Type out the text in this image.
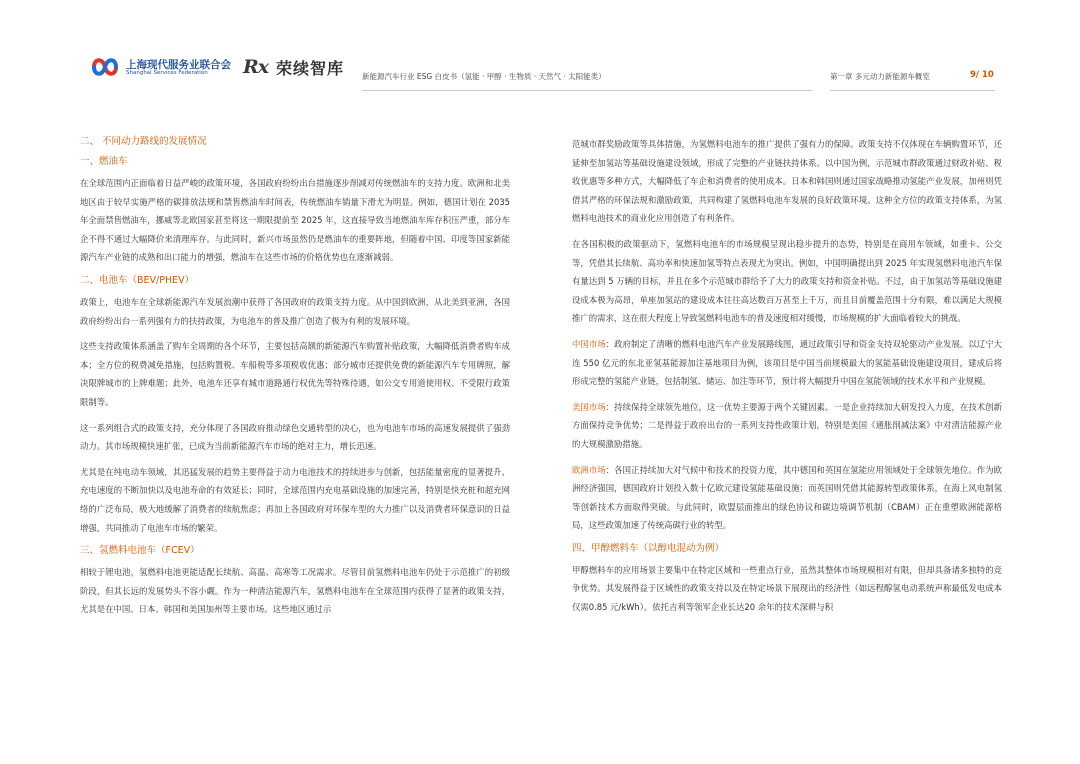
上海现代服务业联合会
Shanghai Services Federation Rx 荣续智库 新能源汽车行业 ESG 白皮书（氢能 · 甲醇 · 生物质 · 天然气 · 太阳能类）	第一章 多元动力新能源车概览	9/ 10
二、 不同动力路线的发展情况
一、燃油车

在全球范围内正面临着日益严峻的政策环境，各国政府纷纷出台措施逐步削减对传统燃油车的支持力度。欧洲和北美地区由于较早实施严格的碳排放法规和禁售燃油车时间表，传统燃油车销量下滑尤为明显。例如，德国计划在 2035 年全面禁售燃油车，挪威等北欧国家甚至将这一期限提前至 2025 年，这直接导致当地燃油车库存积压严重，部分车企不得不通过大幅降价来清理库存。与此同时，新兴市场虽然仍是燃油车的重要阵地，但随着中国、印度等国家新能源汽车产业链的成熟和出口能力的增强，燃油车在这些市场的价格优势也在逐渐减弱。

二、电池车（BEV/PHEV）

政策上，电池车在全球新能源汽车发展浪潮中获得了各国政府的政策支持力度。从中国到欧洲，从北美到亚洲，各国政府纷纷出台一系列强有力的扶持政策，为电池车的普及推广创造了极为有利的发展环境。

这些支持政策体系涵盖了购车全周期的各个环节，主要包括高额的新能源汽车购置补贴政策，大幅降低消费者购车成本；全方位的税费减免措施，包括购置税、车船税等多项税收优惠；部分城市还提供免费的新能源汽车专用牌照，解决限牌城市的上牌难题；此外，电池车还享有城市道路通行权优先等特殊待遇，如公交专用道使用权、不受限行政策限制等。

这一系列组合式的政策支持，充分体现了各国政府推动绿色交通转型的决心，也为电池车市场的高速发展提供了强劲动力。其市场规模快速扩张，已成为当前新能源汽车市场的绝对主力，增长迅速。

尤其是在纯电动车领域，其迅猛发展的趋势主要得益于动力电池技术的持续进步与创新，包括能量密度的显著提升、充电速度的不断加快以及电池寿命的有效延长；同时，全球范围内充电基础设施的加速完善，特别是快充桩和超充网络的广泛布局，极大地缓解了消费者的续航焦虑；再加上各国政府对环保车型的大力推广以及消费者环保意识的日益增强，共同推动了电池车市场的繁荣。

三、氢燃料电池车（FCEV）

相较于锂电池，氢燃料电池更能适配长续航、高温、高寒等工况需求。尽管目前氢燃料电池车仍处于示范推广的初级阶段，但其长远的发展势头不容小觑。作为一种清洁能源汽车，氢燃料电池车在全球范围内获得了显著的政策支持，尤其是在中国、日本、韩国和美国加州等主要市场。这些地区通过示

范城市群奖励政策等具体措施，为氢燃料电池车的推广提供了强有力的保障。政策支持不仅体现在车辆购置环节，还延伸至加氢站等基础设施建设领域，形成了完整的产业链扶持体系。以中国为例，示范城市群政策通过财政补贴、税收优惠等多种方式，大幅降低了车企和消费者的使用成本。日本和韩国则通过国家战略推动氢能产业发展，加州则凭借其严格的环保法规和激励政策，共同构建了氢燃料电池车发展的良好政策环境。这种全方位的政策支持体系，为氢燃料电池技术的商业化应用创造了有利条件。

在各国积极的政策驱动下，氢燃料电池车的市场规模呈现出稳步提升的态势，特别是在商用车领域，如重卡、公交等，凭借其长续航、高功率和快速加氢等特点表现尤为突出。例如，中国明确提出到 2025 年实现氢燃料电池汽车保有量达到 5 万辆的目标，并且在多个示范城市群给予了大力的政策支持和资金补贴。不过，由于加氢站等基础设施建设成本极为高昂，单座加氢站的建设成本往往高达数百万甚至上千万，而且目前覆盖范围十分有限，难以满足大规模推广的需求，这在很大程度上导致氢燃料电池车的普及速度相对缓慢，市场规模的扩大面临着较大的挑战。

中国市场：政府制定了清晰的燃料电池汽车产业发展路线图，通过政策引导和资金支持双轮驱动产业发展。以辽宁大连 550 亿元的东北亚氢基能源加注基地项目为例，该项目是中国当前规模最大的氢能基础设施建设项目，建成后将形成完整的氢能产业链，包括制氢、储运、加注等环节，预计将大幅提升中国在氢能领域的技术水平和产业规模。

美国市场：持续保持全球领先地位，这一优势主要源于两个关键因素。一是企业持续加大研发投入力度，在技术创新方面保持竞争优势；二是得益于政府出台的一系列支持性政策计划，特别是美国《通胀削减法案》中对清洁能源产业的大规模激励措施。

欧洲市场：各国正持续加大对气候中和技术的投资力度，其中德国和英国在氢能应用领域处于全球领先地位。作为欧洲经济强国，德国政府计划投入数十亿欧元建设氢能基础设施；而英国则凭借其能源转型政策体系，在海上风电制氢等创新技术方面取得突破。与此同时，欧盟层面推出的绿色协议和碳边境调节机制（CBAM）正在重塑欧洲能源格局，这些政策加速了传统高碳行业的转型。

四、甲醇燃料车（以醇电混动为例）

甲醇燃料车的应用场景主要集中在特定区域和一些重点行业，虽然其整体市场规模相对有限，但却具备诸多独特的竞争优势。其发展得益于区域性的政策支持以及在特定场景下展现出的经济性（如远程醇氢电动系统声称最低发电成本仅需0.85 元/kWh）。依托吉利等领军企业长达20 余年的技术深耕与积
